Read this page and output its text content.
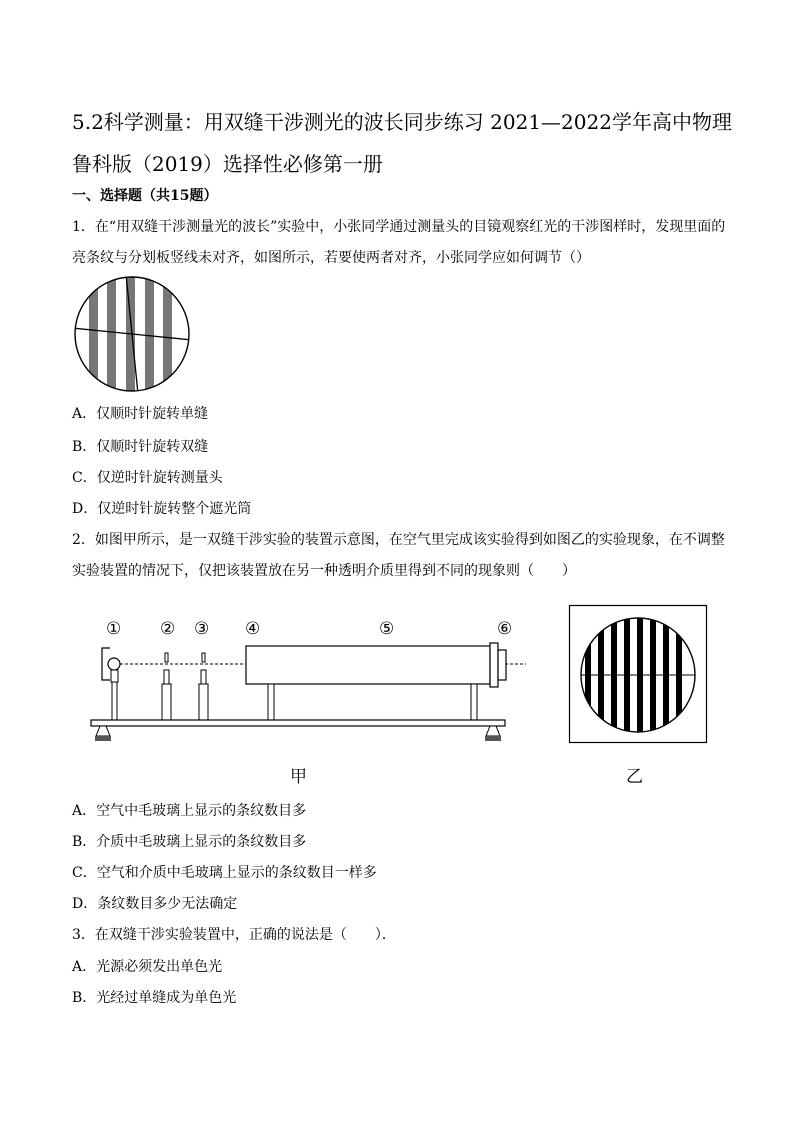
5.2科学测量：用双缝干涉测光的波长同步练习 2021—2022学年高中物理鲁科版（2019）选择性必修第一册
一、选择题（共15题）
1．在“用双缝干涉测量光的波长”实验中，小张同学通过测量头的目镜观察红光的干涉图样时，发现里面的亮条纹与分划板竖线未对齐，如图所示，若要使两者对齐，小张同学应如何调节（）
A．仅顺时针旋转单缝
B．仅顺时针旋转双缝
C．仅逆时针旋转测量头
D．仅逆时针旋转整个遮光筒
2．如图甲所示，是一双缝干涉实验的装置示意图，在空气里完成该实验得到如图乙的实验现象，在不调整实验装置的情况下，仅把该装置放在另一种透明介质里得到不同的现象则（　　）
① ② ③ ④	⑤	⑥
甲	乙
A．空气中毛玻璃上显示的条纹数目多
B．介质中毛玻璃上显示的条纹数目多
C．空气和介质中毛玻璃上显示的条纹数目一样多
D．条纹数目多少无法确定
3．在双缝干涉实验装置中，正确的说法是（　　）．
A．光源必须发出单色光
B．光经过单缝成为单色光
